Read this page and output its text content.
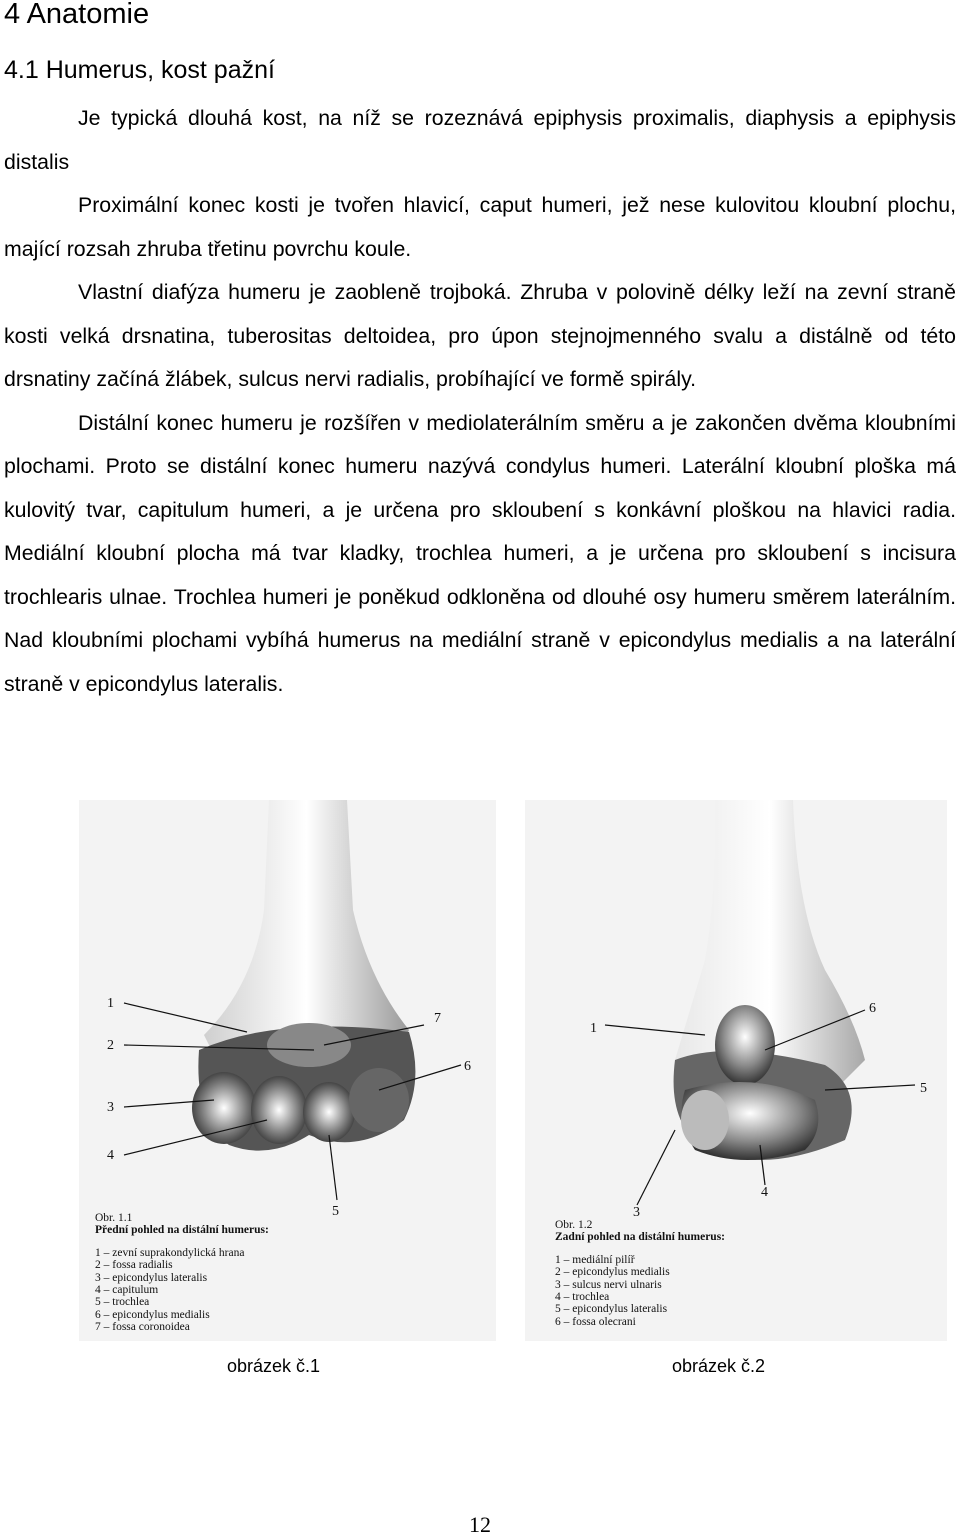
4 Anatomie
4.1 Humerus, kost pažní

Je typická dlouhá kost, na níž se rozeznává epiphysis proximalis, diaphysis a epiphysis distalis

Proximální konec kosti je tvořen hlavicí, caput humeri, jež nese kulovitou kloubní plochu, mající rozsah zhruba třetinu povrchu koule.

Vlastní diafýza humeru je zaobleně trojboká. Zhruba v polovině délky leží na zevní straně kosti velká drsnatina, tuberositas deltoidea, pro úpon stejnojmenného svalu a distálně od této drsnatiny začíná žlábek, sulcus nervi radialis, probíhající ve formě spirály.

Distální konec humeru je rozšířen v mediolaterálním směru a je zakončen dvěma kloubními plochami. Proto se distální konec humeru nazývá condylus humeri. Laterální kloubní ploška má kulovitý tvar, capitulum humeri, a je určena pro skloubení s konkávní ploškou na hlavici radia. Mediální kloubní plocha má tvar kladky, trochlea humeri, a je určena pro skloubení s incisura trochlearis ulnae. Trochlea humeri je poněkud odkloněna od dlouhé osy humeru směrem laterálním. Nad kloubními plochami vybíhá humerus na mediální straně v epicondylus medialis a na laterální straně v epicondylus lateralis.

1
2
3
4
5
6
7
Obr. 1.1
Přední pohled na distální humerus:
1 – zevní suprakondylická hrana
2 – fossa radialis
3 – epicondylus lateralis
4 – capitulum
5 – trochlea
6 – epicondylus medialis
7 – fossa coronoidea
1
6
5
4
3
Obr. 1.2
Zadní pohled na distální humerus:
1 – mediální pilíř
2 – epicondylus medialis
3 – sulcus nervi ulnaris
4 – trochlea
5 – epicondylus lateralis
6 – fossa olecrani
obrázek č.1	obrázek č.2
12
